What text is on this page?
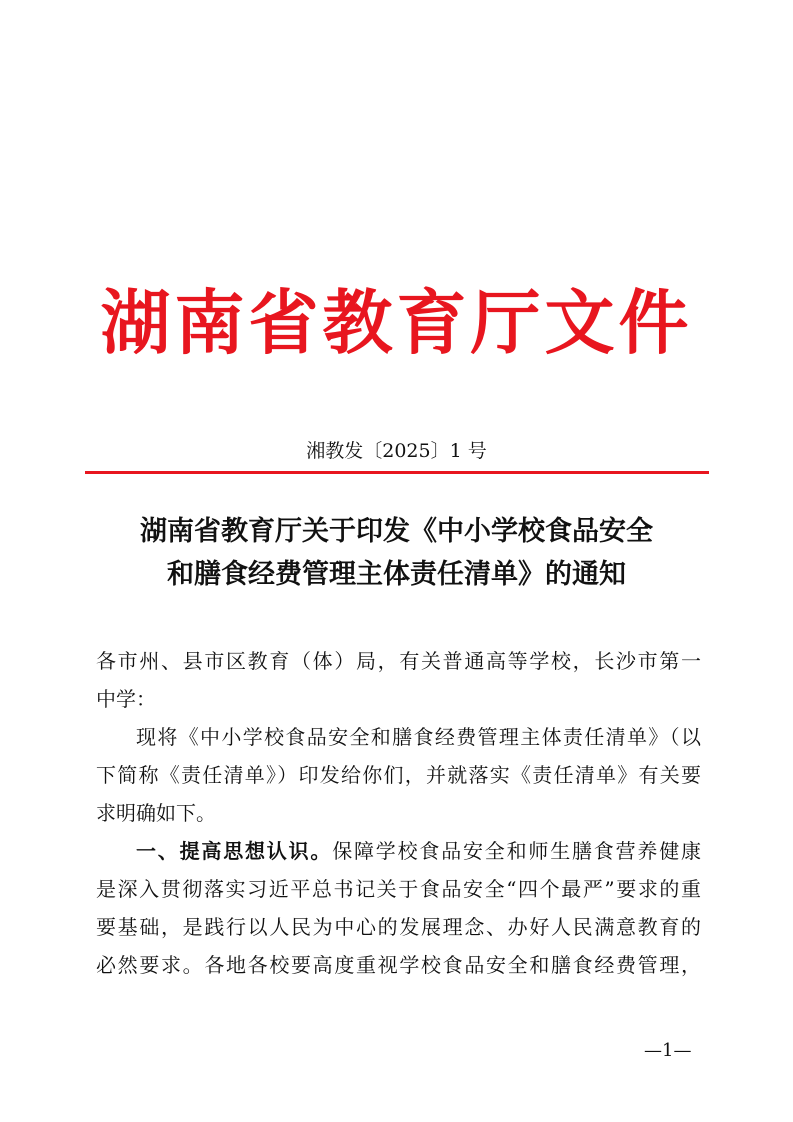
湖南省教育厅文件
湘教发〔2025〕1 号
湖南省教育厅关于印发《中小学校食品安全
和膳食经费管理主体责任清单》的通知

各市州、县市区教育（体）局，有关普通高等学校，长沙市第一
中学：

现将《中小学校食品安全和膳食经费管理主体责任清单》（以
下简称《责任清单》）印发给你们，并就落实《责任清单》有关要
求明确如下。

一、提高思想认识。保障学校食品安全和师生膳食营养健康
是深入贯彻落实习近平总书记关于食品安全“四个最严”要求的重
要基础，是践行以人民为中心的发展理念、办好人民满意教育的
必然要求。各地各校要高度重视学校食品安全和膳食经费管理，

—1—
